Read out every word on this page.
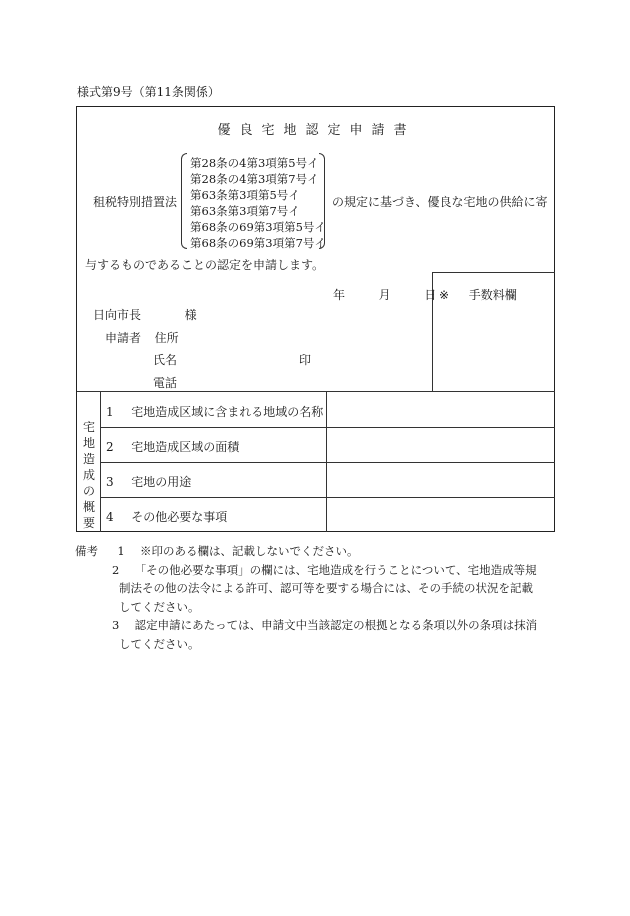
様式第9号（第11条関係）
優良宅地認定申請書
租税特別措置法
第28条の4第3項第5号イ
第28条の4第3項第7号イ
第63条第3項第5号イ
第63条第3項第7号イ
第68条の69第3項第5号イ
第68条の69第3項第7号イ
の規定に基づき、優良な宅地の供給に寄
与するものであることの認定を申請します。
年	月	日 ※ 手数料欄
日向市長	様
申請者 住所
氏名	印
電話
宅地造成の概要
1 宅地造成区域に含まれる地域の名称
2 宅地造成区域の面積
3 宅地の用途
4 その他必要な事項
備考 1 ※印のある欄は、記載しないでください。
2 「その他必要な事項」の欄には、宅地造成を行うことについて、宅地造成等規
制法その他の法令による許可、認可等を要する場合には、その手続の状況を記載
してください。
3 認定申請にあたっては、申請文中当該認定の根拠となる条項以外の条項は抹消
してください。
